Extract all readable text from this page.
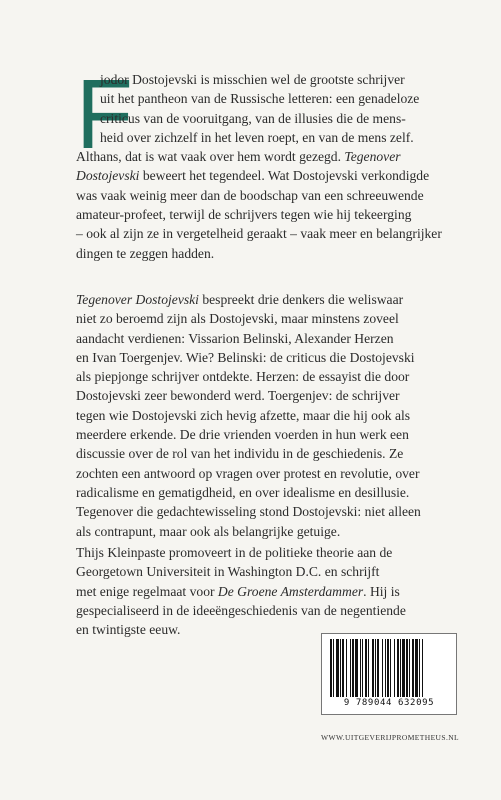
F
jodor Dostojevski is misschien wel de grootste schrijver
uit het pantheon van de Russische letteren: een genadeloze
criticus van de vooruitgang, van de illusies die de mens-
heid over zichzelf in het leven roept, en van de mens zelf.
Althans, dat is wat vaak over hem wordt gezegd. Tegenover
Dostojevski beweert het tegendeel. Wat Dostojevski verkondigde
was vaak weinig meer dan de boodschap van een schreeuwende
amateur-profeet, terwijl de schrijvers tegen wie hij tekeerging
– ook al zijn ze in vergetelheid geraakt – vaak meer en belangrijker
dingen te zeggen hadden.
Tegenover Dostojevski bespreekt drie denkers die weliswaar
niet zo beroemd zijn als Dostojevski, maar minstens zoveel
aandacht verdienen: Vissarion Belinski, Alexander Herzen
en Ivan Toergenjev. Wie? Belinski: de criticus die Dostojevski
als piepjonge schrijver ontdekte. Herzen: de essayist die door
Dostojevski zeer bewonderd werd. Toergenjev: de schrijver
tegen wie Dostojevski zich hevig afzette, maar die hij ook als
meerdere erkende. De drie vrienden voerden in hun werk een
discussie over de rol van het individu in de geschiedenis. Ze
zochten een antwoord op vragen over protest en revolutie, over
radicalisme en gematigdheid, en over idealisme en desillusie.
Tegenover die gedachtewisseling stond Dostojevski: niet alleen
als contrapunt, maar ook als belangrijke getuige.
Thijs Kleinpaste promoveert in de politieke theorie aan de
Georgetown Universiteit in Washington D.C. en schrijft
met enige regelmaat voor De Groene Amsterdammer. Hij is
gespecialiseerd in de ideeëngeschiedenis van de negentiende
en twintigste eeuw.
9 789044 632095
WWW.UITGEVERIJPROMETHEUS.NL
